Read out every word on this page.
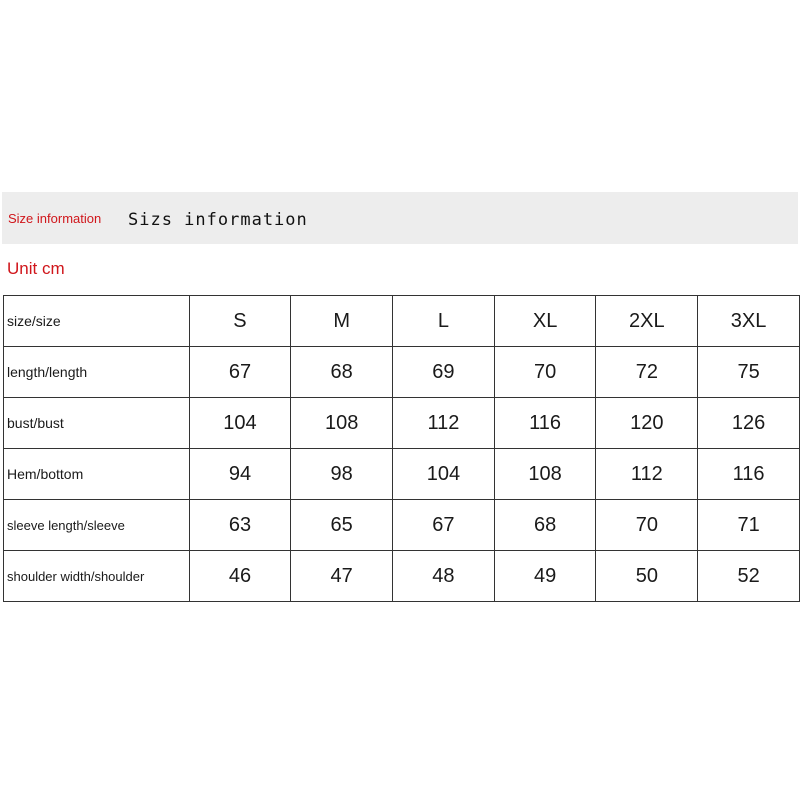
Size information Sizs information
Unit cm
size/size	S	M	L	XL	2XL	3XL
length/length	67	68	69	70	72	75
bust/bust	104	108	112	116	120	126
Hem/bottom	94	98	104	108	112	116
sleeve length/sleeve	63	65	67	68	70	71
shoulder width/shoulder	46	47	48	49	50	52
